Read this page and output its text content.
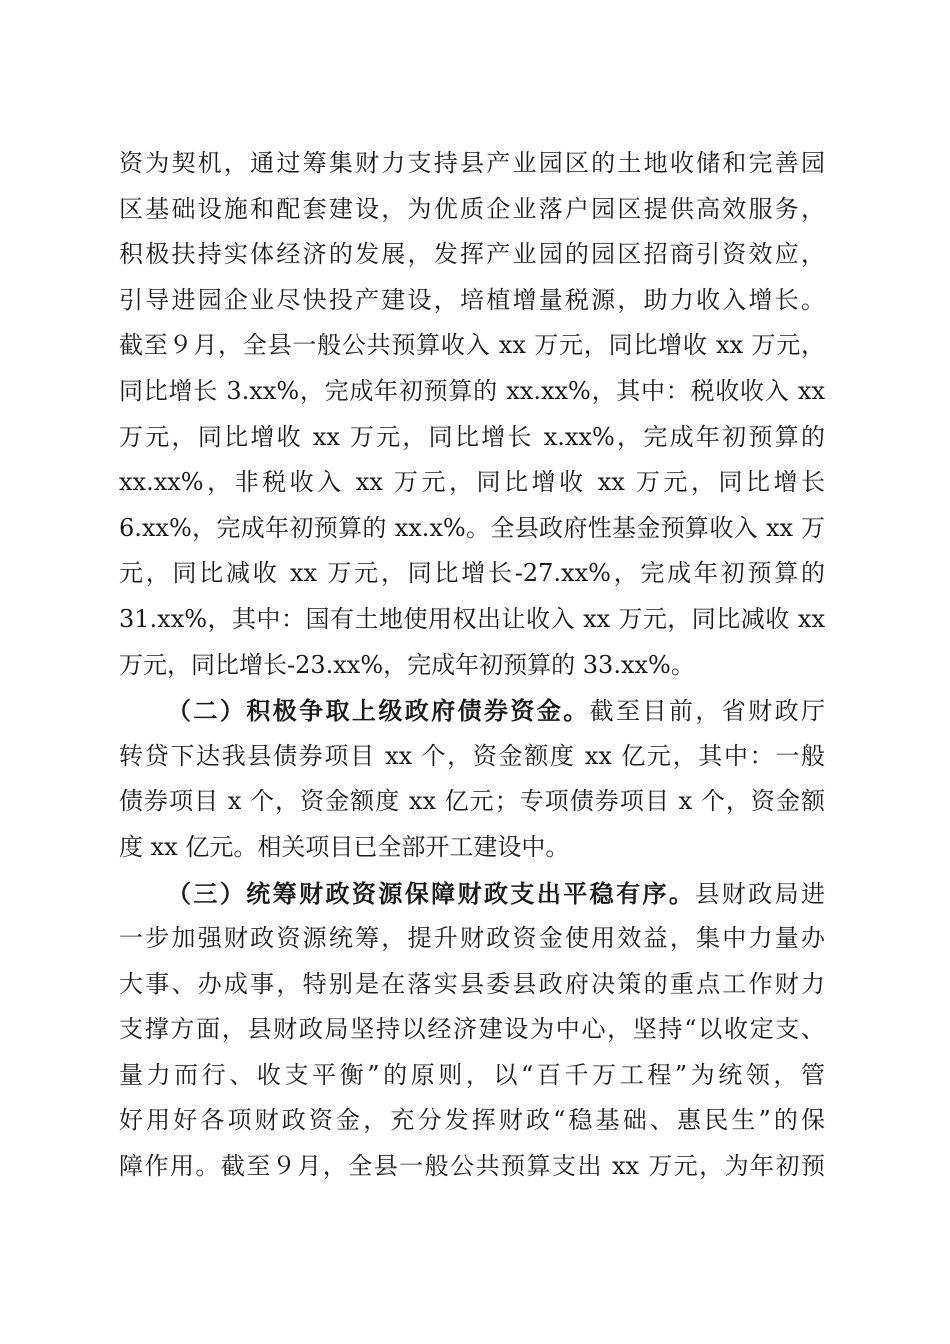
资为契机，通过筹集财力支持县产业园区的土地收储和完善园
区基础设施和配套建设，为优质企业落户园区提供高效服务，
积极扶持实体经济的发展，发挥产业园的园区招商引资效应，
引导进园企业尽快投产建设，培植增量税源，助力收入增长。
截至９月，全县一般公共预算收入 xx 万元，同比增收 xx 万元，
同比增长 3.xx%，完成年初预算的 xx.xx%，其中：税收收入 xx
万元，同比增收 xx 万元，同比增长 x.xx%，完成年初预算的
xx.xx%，非税收入 xx 万元，同比增收 xx 万元，同比增长
6.xx%，完成年初预算的 xx.x%。全县政府性基金预算收入 xx 万
元，同比减收 xx 万元，同比增长-27.xx%，完成年初预算的
31.xx%，其中：国有土地使用权出让收入 xx 万元，同比减收 xx
万元，同比增长-23.xx%，完成年初预算的 33.xx%。
（二）积极争取上级政府债券资金。截至目前，省财政厅
转贷下达我县债券项目 xx 个，资金额度 xx 亿元，其中：一般
债券项目 x 个，资金额度 xx 亿元；专项债券项目 x 个，资金额
度 xx 亿元。相关项目已全部开工建设中。
（三）统筹财政资源保障财政支出平稳有序。县财政局进
一步加强财政资源统筹，提升财政资金使用效益，集中力量办
大事、办成事，特别是在落实县委县政府决策的重点工作财力
支撑方面，县财政局坚持以经济建设为中心，坚持“以收定支、
量力而行、收支平衡”的原则，以“百千万工程”为统领，管
好用好各项财政资金，充分发挥财政“稳基础、惠民生”的保
障作用。截至９月，全县一般公共预算支出 xx 万元，为年初预
